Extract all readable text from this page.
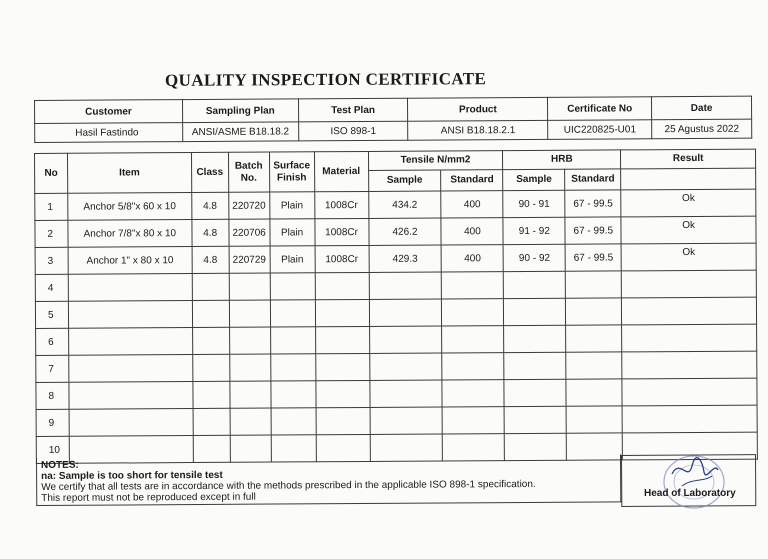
QUALITY INSPECTION CERTIFICATE
Customer	Sampling Plan	Test Plan	Product	Certificate No	Date
Hasil Fastindo	ANSI/ASME B18.18.2	ISO 898-1	ANSI B18.18.2.1	UIC220825-U01	25 Agustus 2022
No	Item	Class	Batch No.	Surface Finish	Material	Tensile N/mm2		HRB		Result
						Sample	Standard	Sample	Standard	
1	Anchor 5/8"x 60 x 10	4.8	220720	Plain	1008Cr	434.2	400	90 - 91	67 - 99.5	Ok
2	Anchor 7/8"x 80 x 10	4.8	220706	Plain	1008Cr	426.2	400	91 - 92	67 - 99.5	Ok
3	Anchor 1" x 80 x 10	4.8	220729	Plain	1008Cr	429.3	400	90 - 92	67 - 99.5	Ok
4										
5										
6										
7										
8										
9										
10										
NOTES:
na: Sample is too short for tensile test
We certify that all tests are in accordance with the methods prescribed in the applicable ISO 898-1 specification.
This report must not be reproduced except in full	Head of Laboratory
